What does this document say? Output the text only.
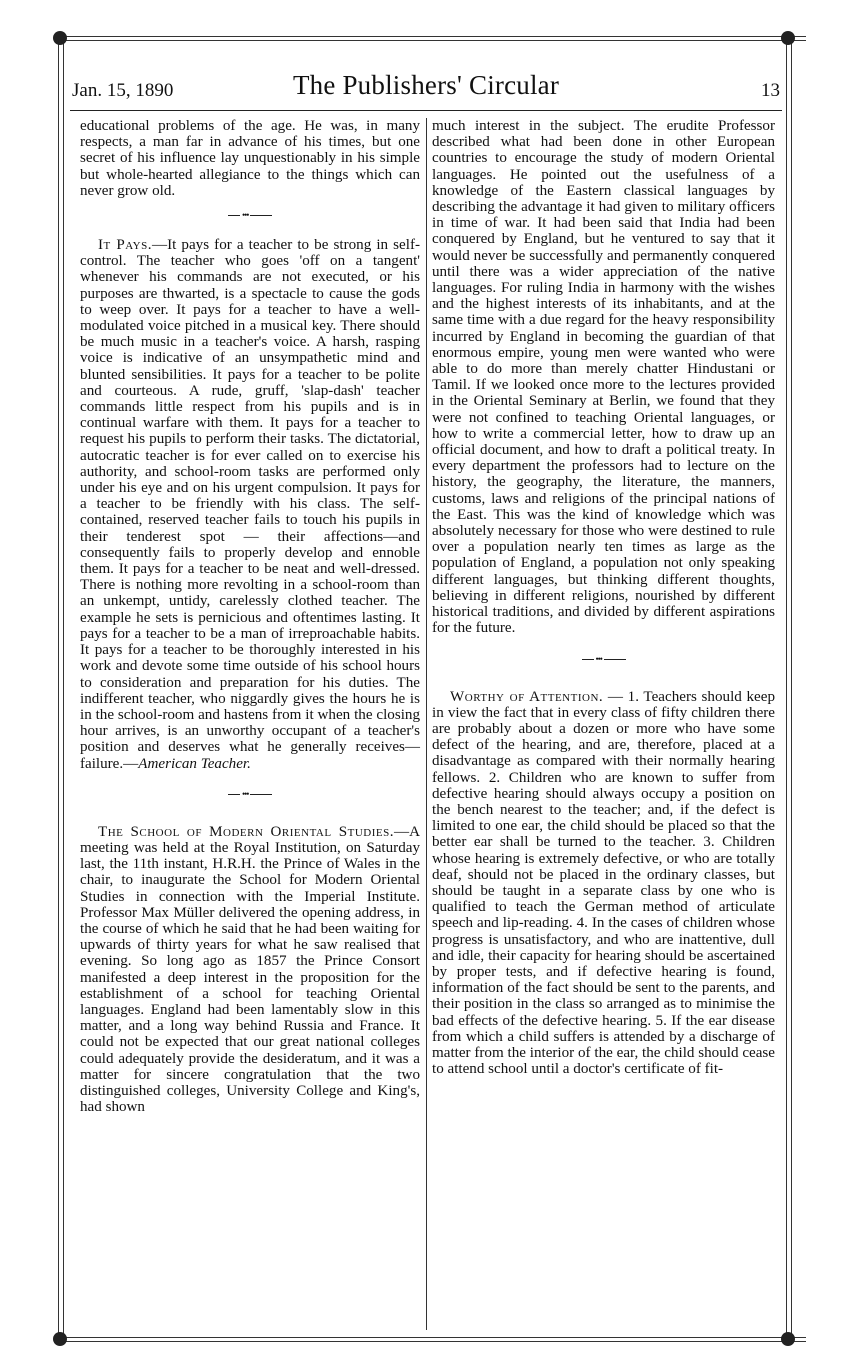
Jan. 15, 1890	The Publishers' Circular	13

educational problems of the age. He was, in many respects, a man far in advance of his times, but one secret of his influence lay unquestionably in his simple but whole-hearted allegiance to the things which can never grow old.

•••

It Pays.—It pays for a teacher to be strong in self-control. The teacher who goes 'off on a tangent' whenever his commands are not executed, or his purposes are thwarted, is a spectacle to cause the gods to weep over. It pays for a teacher to have a well-modulated voice pitched in a musical key. There should be much music in a teacher's voice. A harsh, rasping voice is indicative of an unsympathetic mind and blunted sensibilities. It pays for a teacher to be polite and courteous. A rude, gruff, 'slap-dash' teacher commands little respect from his pupils and is in continual warfare with them. It pays for a teacher to request his pupils to perform their tasks. The dictatorial, autocratic teacher is for ever called on to exercise his authority, and school-room tasks are performed only under his eye and on his urgent compulsion. It pays for a teacher to be friendly with his class. The self-contained, reserved teacher fails to touch his pupils in their tenderest spot — their affections—and consequently fails to properly develop and ennoble them. It pays for a teacher to be neat and well-dressed. There is nothing more revolting in a school-room than an unkempt, untidy, carelessly clothed teacher. The example he sets is pernicious and oftentimes lasting. It pays for a teacher to be a man of irreproachable habits. It pays for a teacher to be thoroughly interested in his work and devote some time outside of his school hours to consideration and preparation for his duties. The indifferent teacher, who niggardly gives the hours he is in the school-room and hastens from it when the closing hour arrives, is an unworthy occupant of a teacher's position and deserves what he generally receives—failure.—American Teacher.

•••

The School of Modern Oriental Studies.—A meeting was held at the Royal Institution, on Saturday last, the 11th instant, H.R.H. the Prince of Wales in the chair, to inaugurate the School for Modern Oriental Studies in connection with the Imperial Institute. Professor Max Müller delivered the opening address, in the course of which he said that he had been waiting for upwards of thirty years for what he saw realised that evening. So long ago as 1857 the Prince Consort manifested a deep interest in the proposition for the establishment of a school for teaching Oriental languages. England had been lamentably slow in this matter, and a long way behind Russia and France. It could not be expected that our great national colleges could adequately provide the desideratum, and it was a matter for sincere congratulation that the two distinguished colleges, University College and King's, had shown

much interest in the subject. The erudite Professor described what had been done in other European countries to encourage the study of modern Oriental languages. He pointed out the usefulness of a knowledge of the Eastern classical languages by describing the advantage it had given to military officers in time of war. It had been said that India had been conquered by England, but he ventured to say that it would never be successfully and permanently conquered until there was a wider appreciation of the native languages. For ruling India in harmony with the wishes and the highest interests of its inhabitants, and at the same time with a due regard for the heavy responsibility incurred by England in becoming the guardian of that enormous empire, young men were wanted who were able to do more than merely chatter Hindustani or Tamil. If we looked once more to the lectures provided in the Oriental Seminary at Berlin, we found that they were not confined to teaching Oriental languages, or how to write a commercial letter, how to draw up an official document, and how to draft a political treaty. In every department the professors had to lecture on the history, the geography, the literature, the manners, customs, laws and religions of the principal nations of the East. This was the kind of knowledge which was absolutely necessary for those who were destined to rule over a population nearly ten times as large as the population of England, a population not only speaking different languages, but thinking different thoughts, believing in different religions, nourished by different historical traditions, and divided by different aspirations for the future.

•••

Worthy of Attention. — 1. Teachers should keep in view the fact that in every class of fifty children there are probably about a dozen or more who have some defect of the hearing, and are, therefore, placed at a disadvantage as compared with their normally hearing fellows. 2. Children who are known to suffer from defective hearing should always occupy a position on the bench nearest to the teacher; and, if the defect is limited to one ear, the child should be placed so that the better ear shall be turned to the teacher. 3. Children whose hearing is extremely defective, or who are totally deaf, should not be placed in the ordinary classes, but should be taught in a separate class by one who is qualified to teach the German method of articulate speech and lip-reading. 4. In the cases of children whose progress is unsatisfactory, and who are inattentive, dull and idle, their capacity for hearing should be ascertained by proper tests, and if defective hearing is found, information of the fact should be sent to the parents, and their position in the class so arranged as to minimise the bad effects of the defective hearing. 5. If the ear disease from which a child suffers is attended by a discharge of matter from the interior of the ear, the child should cease to attend school until a doctor's certificate of fit-
